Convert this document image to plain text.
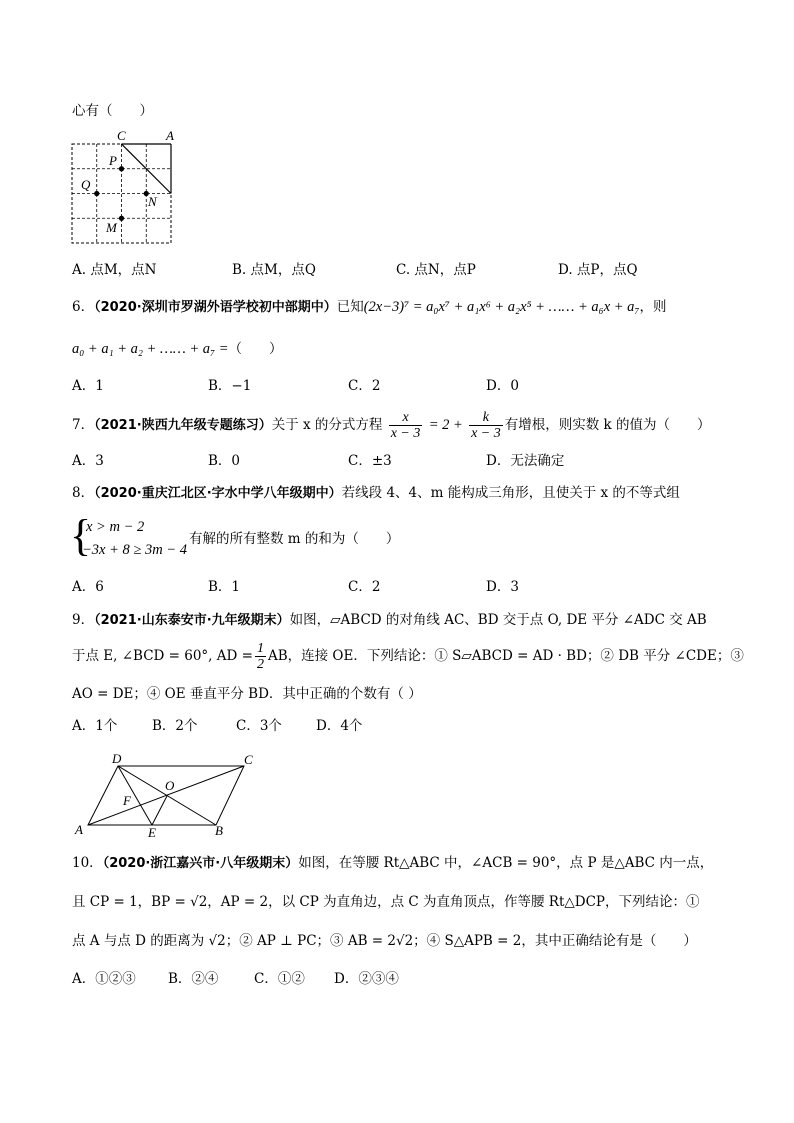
心有（　　）
C	A
P
Q
N
M
A. 点M，点N	B. 点M，点Q	C. 点N，点P	D. 点P，点Q
6．（2020·深圳市罗湖外语学校初中部期中）已知(2x−3)⁷ = a₀x⁷ + a₁x⁶ + a₂x⁵ + …… + a₆x + a₇，则
a₀ + a₁ + a₂ + …… + a₇ =（　　）
A．1	B．−1	C．2	D．0
7．（2021·陕西九年级专题练习）关于 x 的分式方程 $\frac{x}{x - 3} = 2 + \frac{k}{x - 3}$ 有增根，则实数 k 的值为（　　）
A．3	B．0	C．±3	D．无法确定
8．（2020·重庆江北区·字水中学八年级期中）若线段 4、4、m 能构成三角形，且使关于 x 的不等式组
{
x > m − 2
−3x + 8 ≥ 3m − 4
有解的所有整数 m 的和为（　　）
A．6	B．1	C．2	D．3
9．（2021·山东泰安市·九年级期末）如图，▱ABCD 的对角线 AC、BD 交于点 O, DE 平分 ∠ADC 交 AB
于点 E, ∠BCD = 60°, AD = $\frac{1}{2}$ AB，连接 OE．下列结论：① S▱ABCD = AD · BD；② DB 平分 ∠CDE；③
AO = DE；④ OE 垂直平分 BD．其中正确的个数有（ ）
A．1个	B．2个	C．3个	D．4个
D	C
O
F
A	E	B
10．（2020·浙江嘉兴市·八年级期末）如图，在等腰 Rt△ABC 中，∠ACB = 90°，点 P 是△ABC 内一点，
且 CP = 1，BP = √2，AP = 2，以 CP 为直角边，点 C 为直角顶点，作等腰 Rt△DCP，下列结论：①
点 A 与点 D 的距离为 √2；② AP ⊥ PC；③ AB = 2√2；④ S△APB = 2，其中正确结论有是（　　）
A．①②③ B．②④	C．①② D．②③④
